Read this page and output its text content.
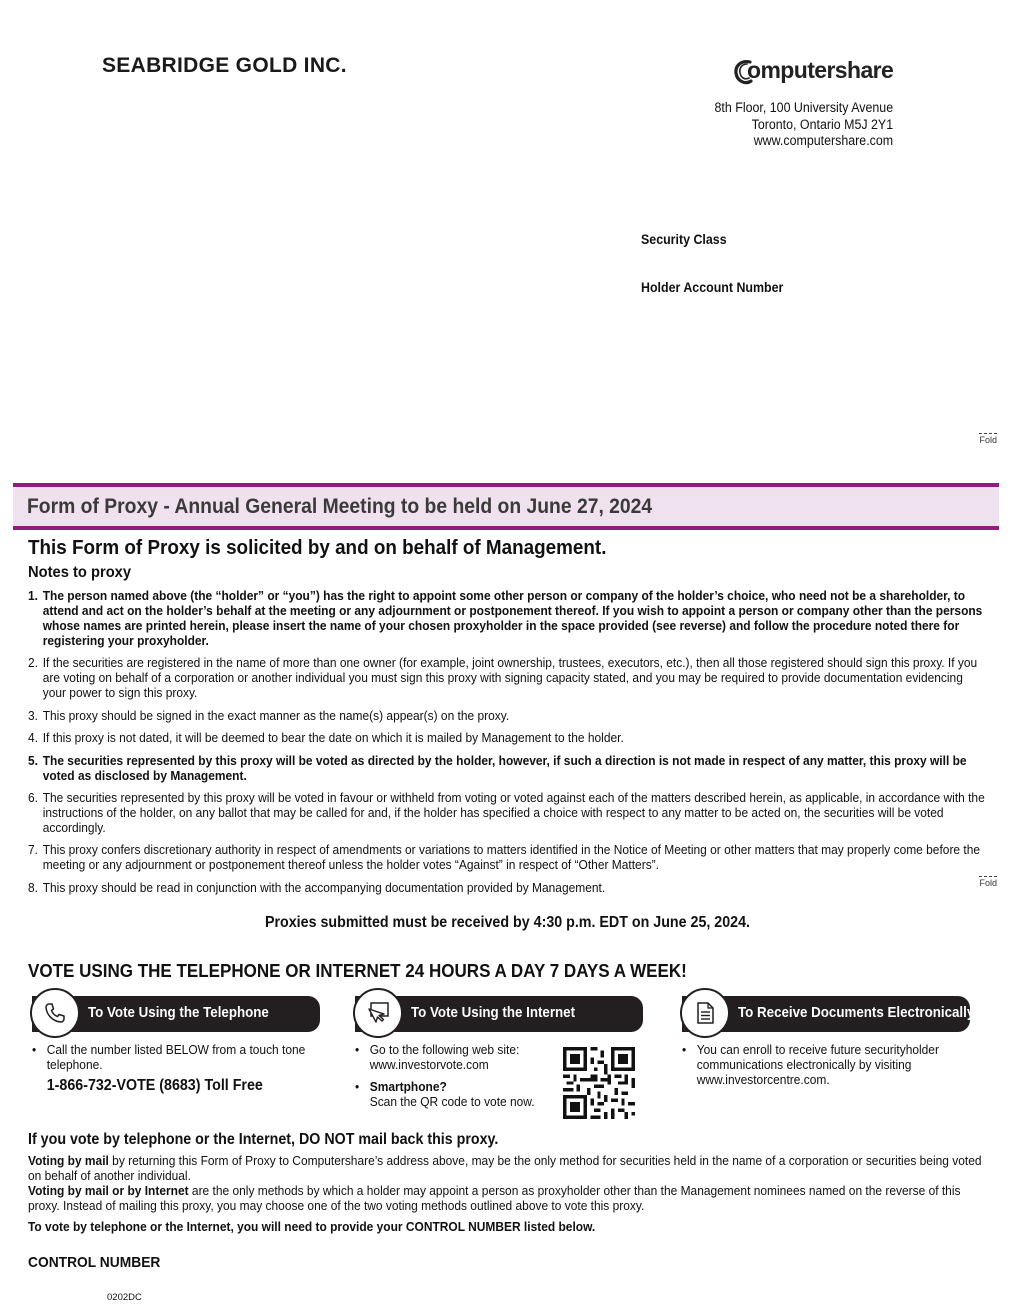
SEABRIDGE GOLD INC.	omputershare
8th Floor, 100 University Avenue
Toronto, Ontario M5J 2Y1
www.computershare.com
Security Class
Holder Account Number
Fold
Form of Proxy - Annual General Meeting to be held on June 27, 2024
This Form of Proxy is solicited by and on behalf of Management.
Notes to proxy
1. The person named above (the “holder” or “you”) has the right to appoint some other person or company of the holder’s choice, who need not be a shareholder, to attend and act on the holder’s behalf at the meeting or any adjournment or postponement thereof. If you wish to appoint a person or company other than the persons whose names are printed herein, please insert the name of your chosen proxyholder in the space provided (see reverse) and follow the procedure noted there for registering your proxyholder.
2. If the securities are registered in the name of more than one owner (for example, joint ownership, trustees, executors, etc.), then all those registered should sign this proxy. If you are voting on behalf of a corporation or another individual you must sign this proxy with signing capacity stated, and you may be required to provide documentation evidencing your power to sign this proxy.
3. This proxy should be signed in the exact manner as the name(s) appear(s) on the proxy.
4. If this proxy is not dated, it will be deemed to bear the date on which it is mailed by Management to the holder.
5. The securities represented by this proxy will be voted as directed by the holder, however, if such a direction is not made in respect of any matter, this proxy will be voted as disclosed by Management.
6. The securities represented by this proxy will be voted in favour or withheld from voting or voted against each of the matters described herein, as applicable, in accordance with the instructions of the holder, on any ballot that may be called for and, if the holder has specified a choice with respect to any matter to be acted on, the securities will be voted accordingly.
7. This proxy confers discretionary authority in respect of amendments or variations to matters identified in the Notice of Meeting or other matters that may properly come before the meeting or any adjournment or postponement thereof unless the holder votes “Against” in respect of “Other Matters”.
8. This proxy should be read in conjunction with the accompanying documentation provided by Management.	Fold
Proxies submitted must be received by 4:30 p.m. EDT on June 25, 2024.
VOTE USING THE TELEPHONE OR INTERNET 24 HOURS A DAY 7 DAYS A WEEK!
To Vote Using the Telephone
• Call the number listed BELOW from a touch tone telephone.
1-866-732-VOTE (8683) Toll Free
To Vote Using the Internet
• Go to the following web site:
www.investorvote.com
• Smartphone?
Scan the QR code to vote now.
To Receive Documents Electronically
• You can enroll to receive future securityholder communications electronically by visiting www.investorcentre.com.
If you vote by telephone or the Internet, DO NOT mail back this proxy.

Voting by mail by returning this Form of Proxy to Computershare’s address above, may be the only method for securities held in the name of a corporation or securities being voted on behalf of another individual.

Voting by mail or by Internet are the only methods by which a holder may appoint a person as proxyholder other than the Management nominees named on the reverse of this proxy. Instead of mailing this proxy, you may choose one of the two voting methods outlined above to vote this proxy.

To vote by telephone or the Internet, you will need to provide your CONTROL NUMBER listed below.
CONTROL NUMBER
0202DC
